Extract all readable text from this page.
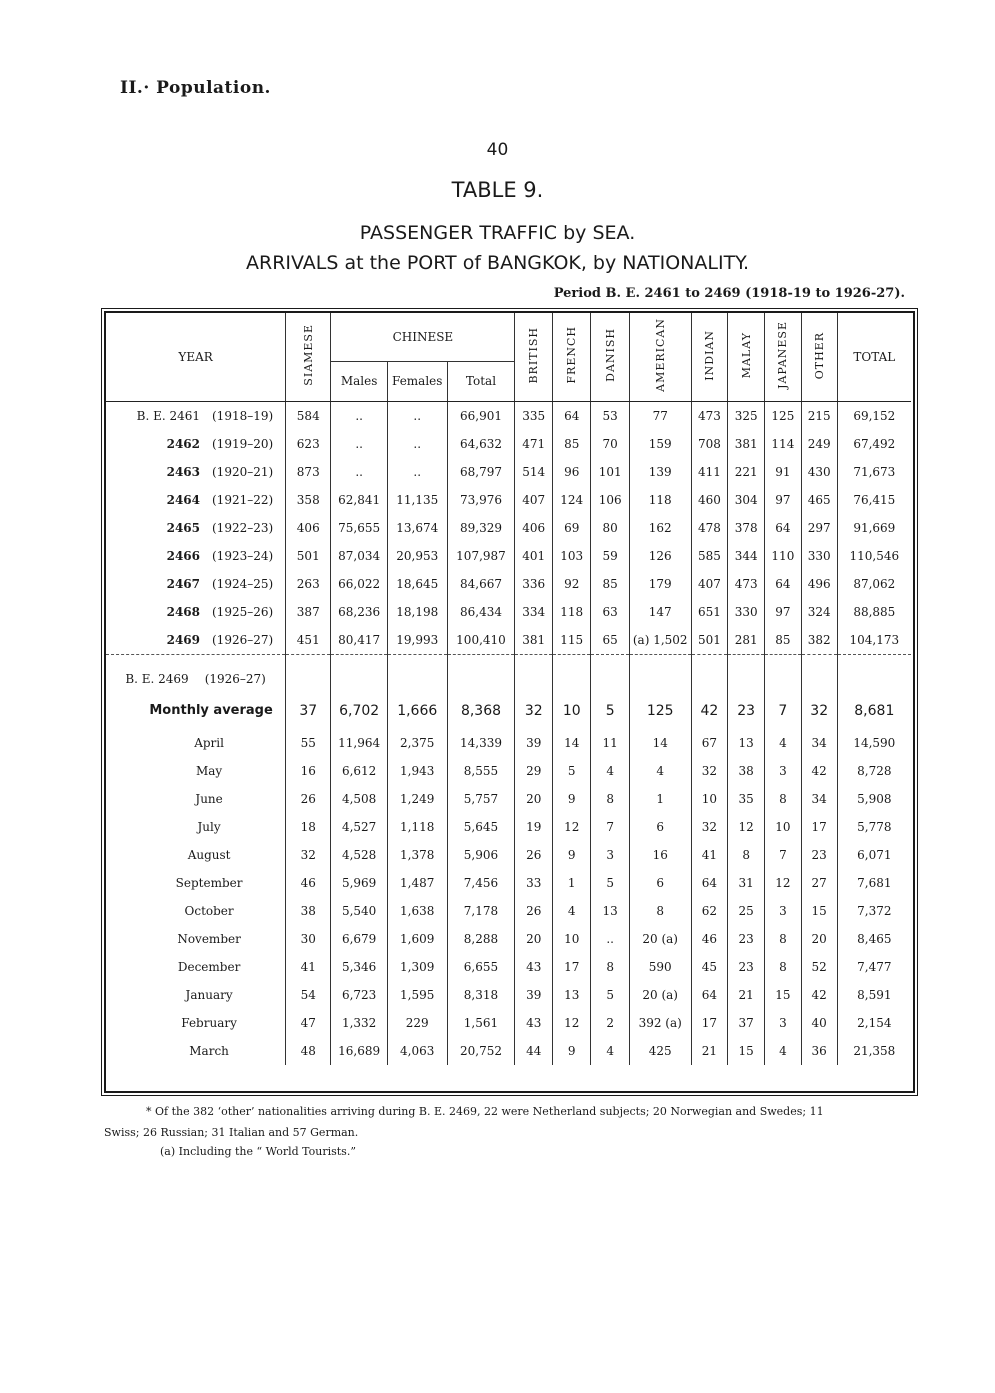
II.· Population.
40
TABLE 9.
PASSENGER TRAFFIC by SEA.
ARRIVALS at the PORT of BANGKOK, by NATIONALITY.
Period B. E. 2461 to 2469 (1918-19 to 1926-27).
YEAR	SIAMESE	CHINESE			BRITISH	FRENCH	DANISH	AMERICAN	INDIAN	MALAY	JAPANESE	OTHER	TOTAL
		Males	Females	Total									
B. E. 2461 (1918–19)	584	..	..	66,901	335	64	53	77	473	325	125	215	69,152
2462 (1919–20)	623	..	..	64,632	471	85	70	159	708	381	114	249	67,492
2463 (1920–21)	873	..	..	68,797	514	96	101	139	411	221	91	430	71,673
2464 (1921–22)	358	62,841	11,135	73,976	407	124	106	118	460	304	97	465	76,415
2465 (1922–23)	406	75,655	13,674	89,329	406	69	80	162	478	378	64	297	91,669
2466 (1923–24)	501	87,034	20,953	107,987	401	103	59	126	585	344	110	330	110,546
2467 (1924–25)	263	66,022	18,645	84,667	336	92	85	179	407	473	64	496	87,062
2468 (1925–26)	387	68,236	18,198	86,434	334	118	63	147	651	330	97	324	88,885
2469 (1926–27)	451	80,417	19,993	100,410	381	115	65	(a) 1,502	501	281	85	382	104,173
B. E. 2469 (1926–27)													
Monthly average	37	6,702	1,666	8,368	32	10	5	125	42	23	7	32	8,681
April	55	11,964	2,375	14,339	39	14	11	14	67	13	4	34	14,590
May	16	6,612	1,943	8,555	29	5	4	4	32	38	3	42	8,728
June	26	4,508	1,249	5,757	20	9	8	1	10	35	8	34	5,908
July	18	4,527	1,118	5,645	19	12	7	6	32	12	10	17	5,778
August	32	4,528	1,378	5,906	26	9	3	16	41	8	7	23	6,071
September	46	5,969	1,487	7,456	33	1	5	6	64	31	12	27	7,681
October	38	5,540	1,638	7,178	26	4	13	8	62	25	3	15	7,372
November	30	6,679	1,609	8,288	20	10	..	20 (a)	46	23	8	20	8,465
December	41	5,346	1,309	6,655	43	17	8	590	45	23	8	52	7,477
January	54	6,723	1,595	8,318	39	13	5	20 (a)	64	21	15	42	8,591
February	47	1,332	229	1,561	43	12	2	392 (a)	17	37	3	40	2,154
March	48	16,689	4,063	20,752	44	9	4	425	21	15	4	36	21,358
* Of the 382 ‘other’ nationalities arriving during B. E. 2469, 22 were Netherland subjects; 20 Norwegian and Swedes; 11
Swiss; 26 Russian; 31 Italian and 57 German.
(a) Including the “ World Tourists.”
